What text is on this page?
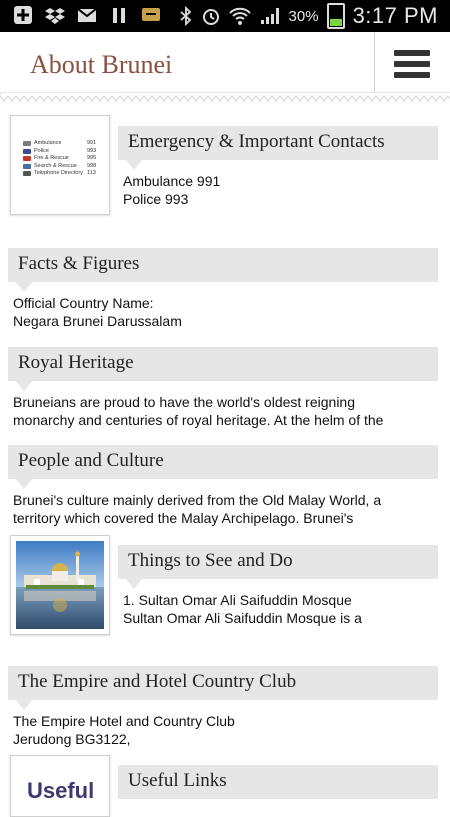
30% 3:17 PM
About Brunei
Ambulance	991
Police	993
Fire & Rescue	995
Search & Rescue 998
Telephone Directory 113
Emergency & Important Contacts
Ambulance 991
Police 993
Facts & Figures
Official Country Name:
Negara Brunei Darussalam
Royal Heritage
Bruneians are proud to have the world's oldest reigning
monarchy and centuries of royal heritage. At the helm of the
People and Culture
Brunei's culture mainly derived from the Old Malay World, a
territory which covered the Malay Archipelago. Brunei's
Things to See and Do
1. Sultan Omar Ali Saifuddin Mosque
Sultan Omar Ali Saifuddin Mosque is a
The Empire and Hotel Country Club
The Empire Hotel and Country Club
Jerudong BG3122,
Useful Useful Links
